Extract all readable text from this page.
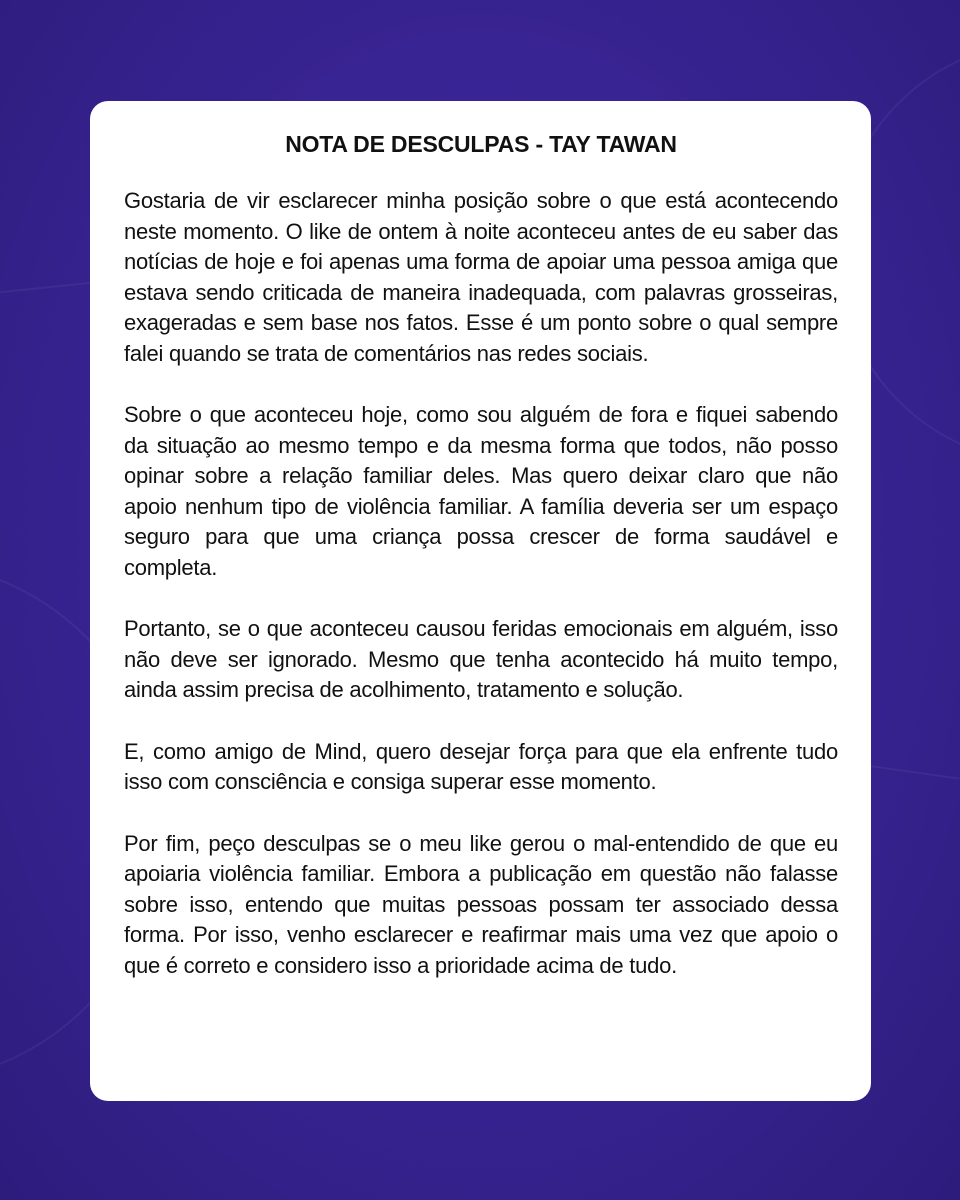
NOTA DE DESCULPAS - TAY TAWAN

Gostaria de vir esclarecer minha posição sobre o que está acontecendo neste momento. O like de ontem à noite aconteceu antes de eu saber das notícias de hoje e foi apenas uma forma de apoiar uma pessoa amiga que estava sendo criticada de maneira inadequada, com palavras grosseiras, exageradas e sem base nos fatos. Esse é um ponto sobre o qual sempre falei quando se trata de comentários nas redes sociais.

Sobre o que aconteceu hoje, como sou alguém de fora e fiquei sabendo da situação ao mesmo tempo e da mesma forma que todos, não posso opinar sobre a relação familiar deles. Mas quero deixar claro que não apoio nenhum tipo de violência familiar. A família deveria ser um espaço seguro para que uma criança possa crescer de forma saudável e completa.

Portanto, se o que aconteceu causou feridas emocionais em alguém, isso não deve ser ignorado. Mesmo que tenha acontecido há muito tempo, ainda assim precisa de acolhimento, tratamento e solução.

E, como amigo de Mind, quero desejar força para que ela enfrente tudo isso com consciência e consiga superar esse momento.

Por fim, peço desculpas se o meu like gerou o mal-entendido de que eu apoiaria violência familiar. Embora a publicação em questão não falasse sobre isso, entendo que muitas pessoas possam ter associado dessa forma. Por isso, venho esclarecer e reafirmar mais uma vez que apoio o que é correto e considero isso a prioridade acima de tudo.
